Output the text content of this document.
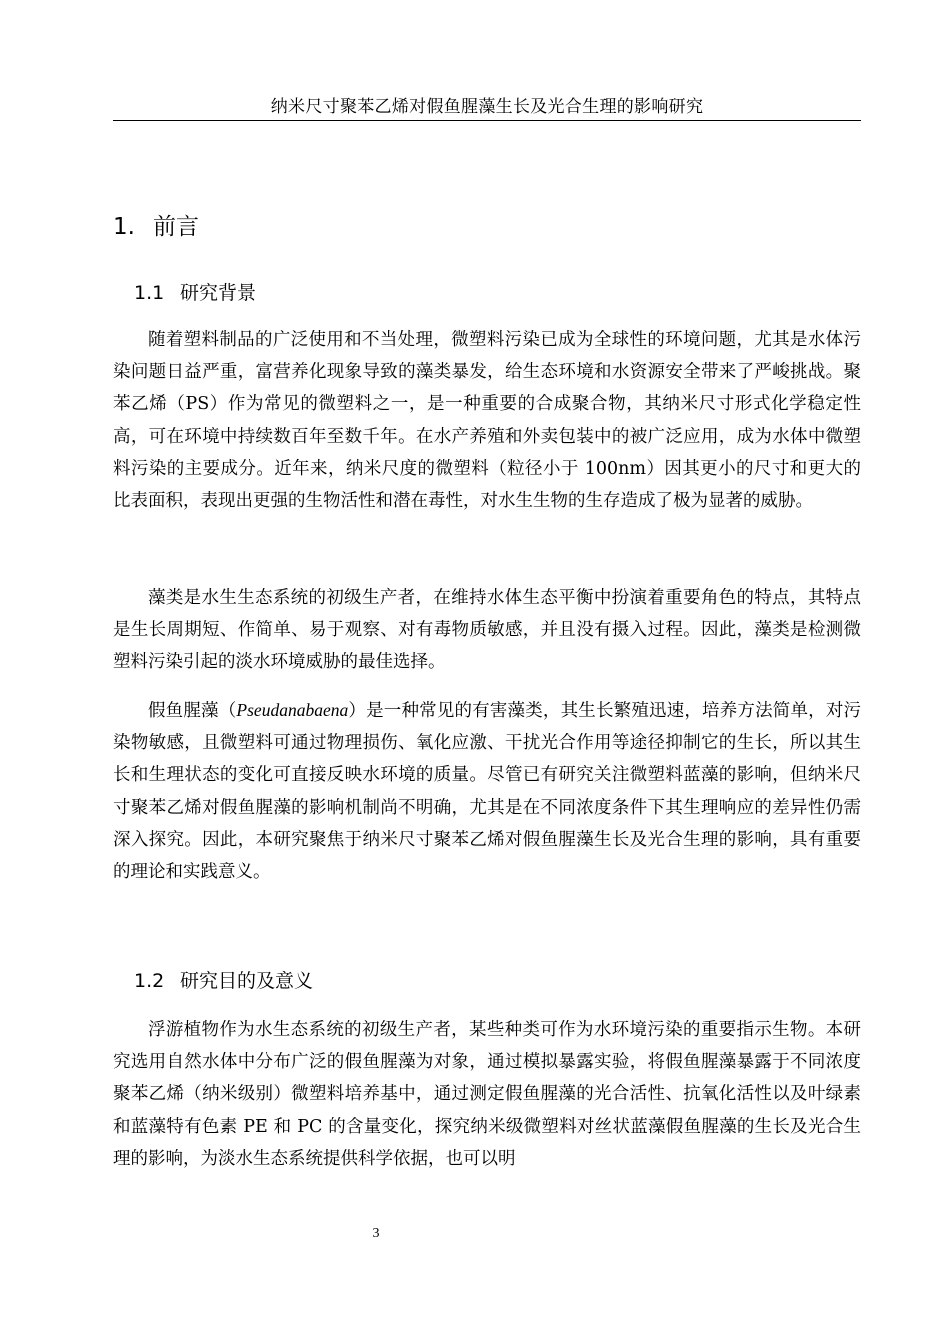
纳米尺寸聚苯乙烯对假鱼腥藻生长及光合生理的影响研究
1. 前言
1.1 研究背景

随着塑料制品的广泛使用和不当处理，微塑料污染已成为全球性的环境问题，尤其是水体污染问题日益严重，富营养化现象导致的藻类暴发，给生态环境和水资源安全带来了严峻挑战。聚苯乙烯（PS）作为常见的微塑料之一，是一种重要的合成聚合物，其纳米尺寸形式化学稳定性高，可在环境中持续数百年至数千年。在水产养殖和外卖包装中的被广泛应用，成为水体中微塑料污染的主要成分。近年来，纳米尺度的微塑料（粒径小于 100nm）因其更小的尺寸和更大的比表面积，表现出更强的生物活性和潜在毒性，对水生生物的生存造成了极为显著的威胁。

藻类是水生生态系统的初级生产者，在维持水体生态平衡中扮演着重要角色的特点，其特点是生长周期短、作简单、易于观察、对有毒物质敏感，并且没有摄入过程。因此，藻类是检测微塑料污染引起的淡水环境威胁的最佳选择。

假鱼腥藻（Pseudanabaena）是一种常见的有害藻类，其生长繁殖迅速，培养方法简单，对污染物敏感，且微塑料可通过物理损伤、氧化应激、干扰光合作用等途径抑制它的生长，所以其生长和生理状态的变化可直接反映水环境的质量。尽管已有研究关注微塑料蓝藻的影响，但纳米尺寸聚苯乙烯对假鱼腥藻的影响机制尚不明确，尤其是在不同浓度条件下其生理响应的差异性仍需深入探究。因此，本研究聚焦于纳米尺寸聚苯乙烯对假鱼腥藻生长及光合生理的影响，具有重要的理论和实践意义。

1.2 研究目的及意义

浮游植物作为水生态系统的初级生产者，某些种类可作为水环境污染的重要指示生物。本研究选用自然水体中分布广泛的假鱼腥藻为对象，通过模拟暴露实验，将假鱼腥藻暴露于不同浓度聚苯乙烯（纳米级别）微塑料培养基中，通过测定假鱼腥藻的光合活性、抗氧化活性以及叶绿素和蓝藻特有色素 PE 和 PC 的含量变化，探究纳米级微塑料对丝状蓝藻假鱼腥藻的生长及光合生理的影响，为淡水生态系统提供科学依据，也可以明

3
